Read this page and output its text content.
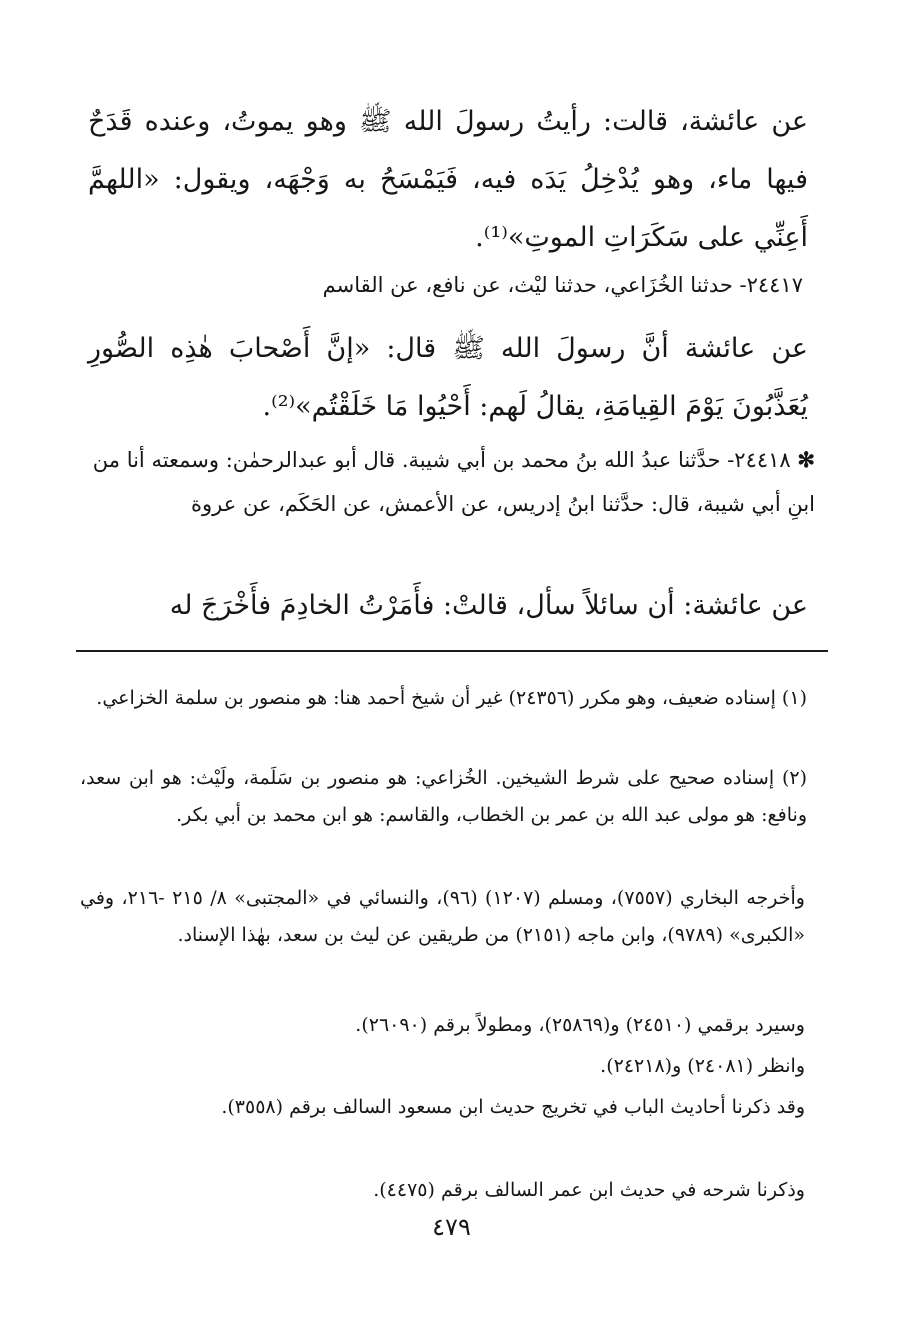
عن عائشة، قالت: رأيتُ رسولَ الله ﷺ وهو يموتُ، وعنده قَدَحٌ فيها ماء، وهو يُدْخِلُ يَدَه فيه، فَيَمْسَحُ به وَجْهَه، ويقول: «اللهمَّ أَعِنِّي على سَكَرَاتِ الموتِ»⁽¹⁾.
٢٤٤١٧- حدثنا الخُزَاعي، حدثنا ليْث، عن نافع، عن القاسم
عن عائشة أنَّ رسولَ الله ﷺ قال: «إنَّ أَصْحابَ هٰذِه الصُّورِ يُعَذَّبُونَ يَوْمَ القِيامَةِ، يقالُ لَهم: أَحْيُوا مَا خَلَقْتُم»⁽²⁾.
✻ ٢٤٤١٨- حدَّثنا عبدُ الله بنُ محمد بن أبي شيبة. قال أبو عبدالرحمٰن: وسمعته أنا من ابنِ أبي شيبة، قال: حدَّثنا ابنُ إدريس، عن الأعمش، عن الحَكَم، عن عروة
عن عائشة: أن سائلاً سأل، قالتْ: فأَمَرْتُ الخادِمَ فأَخْرَجَ له
(١) إسناده ضعيف، وهو مكرر (٢٤٣٥٦) غير أن شيخ أحمد هنا: هو منصور بن سلمة الخزاعي.
(٢) إسناده صحيح على شرط الشيخين. الخُزاعي: هو منصور بن سَلَمة، ولَيْث: هو ابن سعد، ونافع: هو مولى عبد الله بن عمر بن الخطاب، والقاسم: هو ابن محمد بن أبي بكر.
وأخرجه البخاري (٧٥٥٧)، ومسلم (١٢٠٧) (٩٦)، والنسائي في «المجتبى» ٨/ ٢١٥ -٢١٦، وفي «الكبرى» (٩٧٨٩)، وابن ماجه (٢١٥١) من طريقين عن ليث بن سعد، بهٰذا الإسناد.
وسيرد برقمي (٢٤٥١٠) و(٢٥٨٦٩)، ومطولاً برقم (٢٦٠٩٠).
وانظر (٢٤٠٨١) و(٢٤٢١٨).
وقد ذكرنا أحاديث الباب في تخريج حديث ابن مسعود السالف برقم (٣٥٥٨).
وذكرنا شرحه في حديث ابن عمر السالف برقم (٤٤٧٥).
٤٧٩
